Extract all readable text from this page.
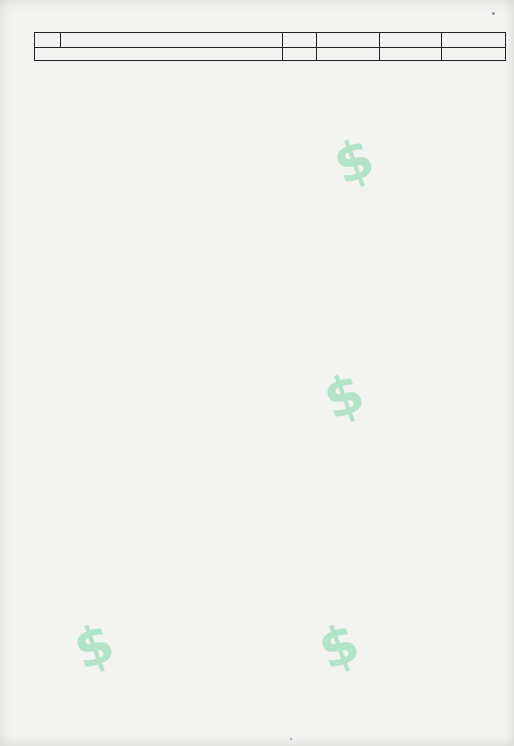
$
$
$	$
